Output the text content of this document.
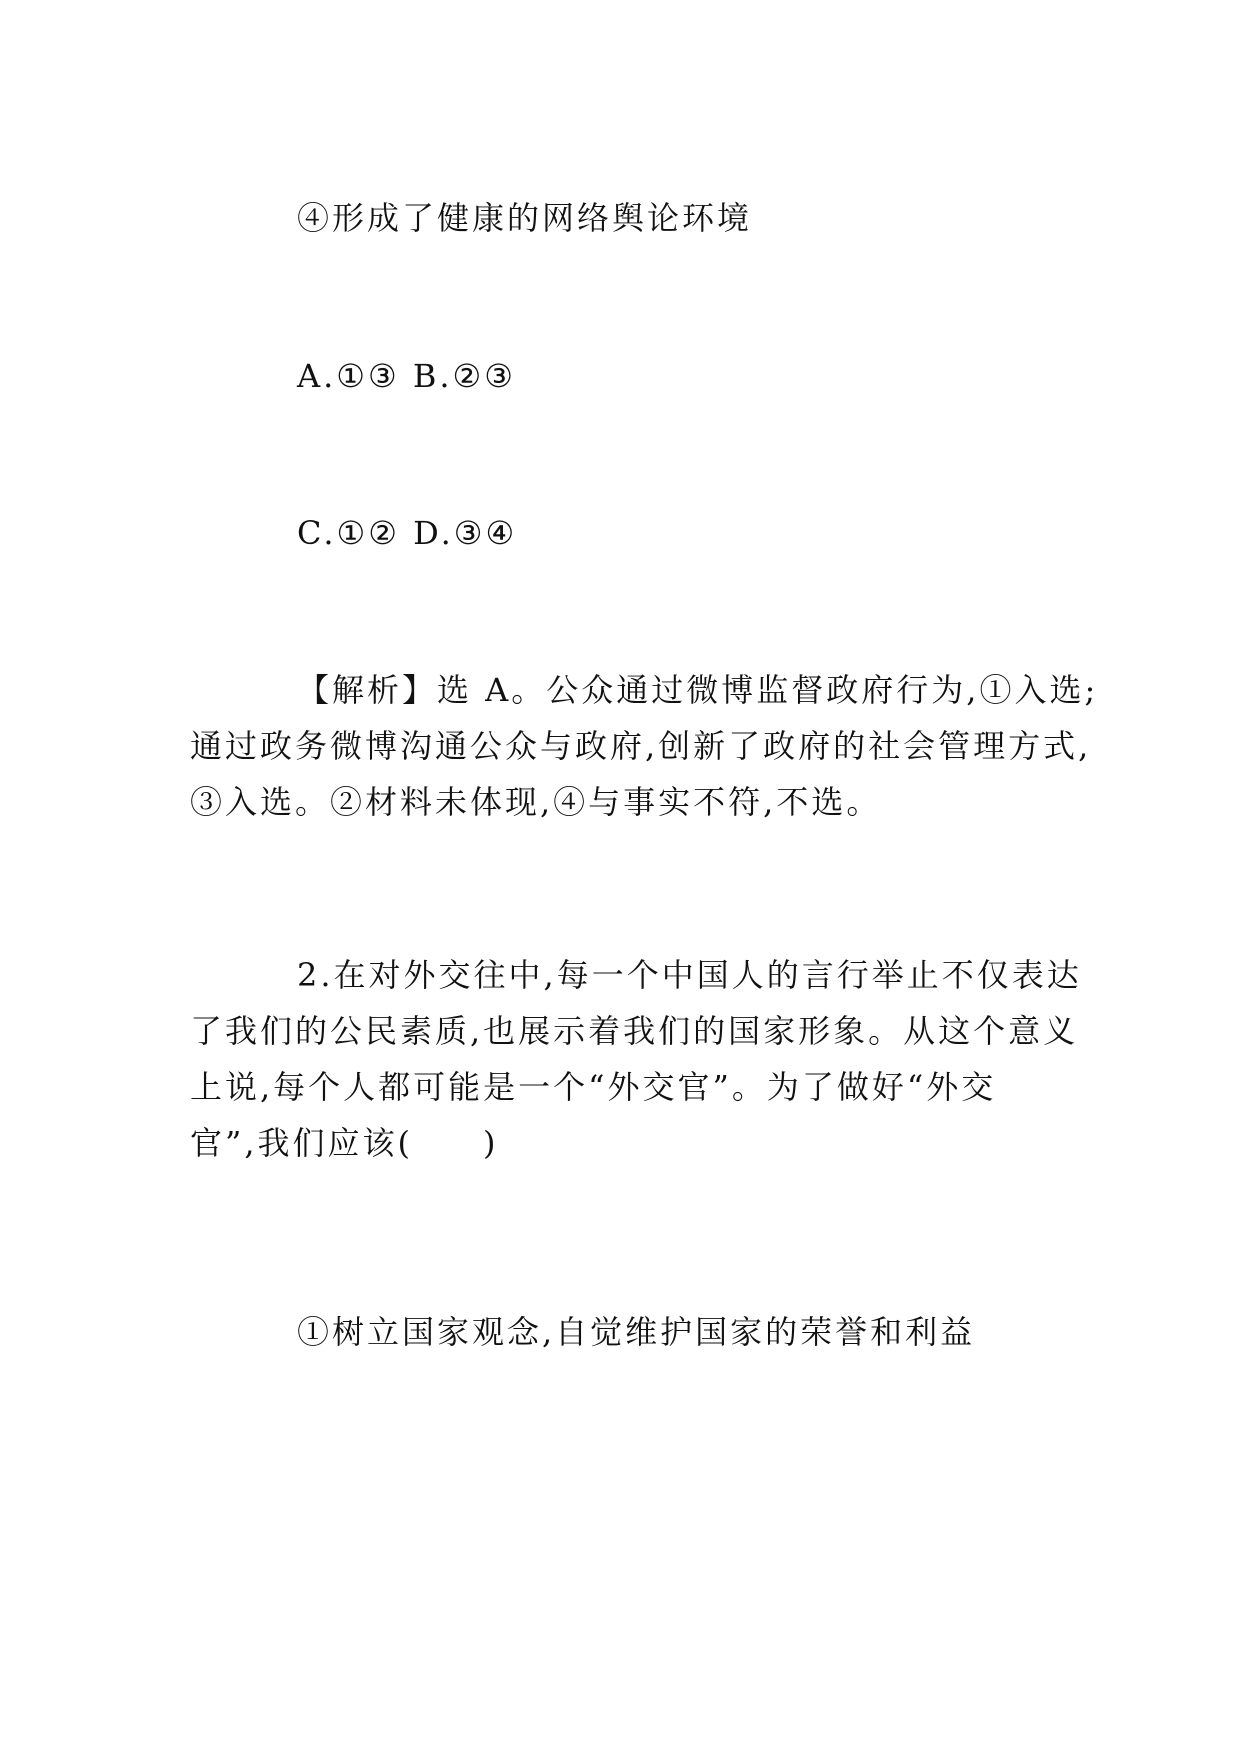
④形成了健康的网络舆论环境
A.①③ B.②③
C.①② D.③④
【解析】选 A。公众通过微博监督政府行为,①入选;
通过政务微博沟通公众与政府,创新了政府的社会管理方式,
③入选。②材料未体现,④与事实不符,不选。
2.在对外交往中,每一个中国人的言行举止不仅表达
了我们的公民素质,也展示着我们的国家形象。从这个意义
上说,每个人都可能是一个“外交官”。为了做好“外交
官”,我们应该(　　)
①树立国家观念,自觉维护国家的荣誉和利益
